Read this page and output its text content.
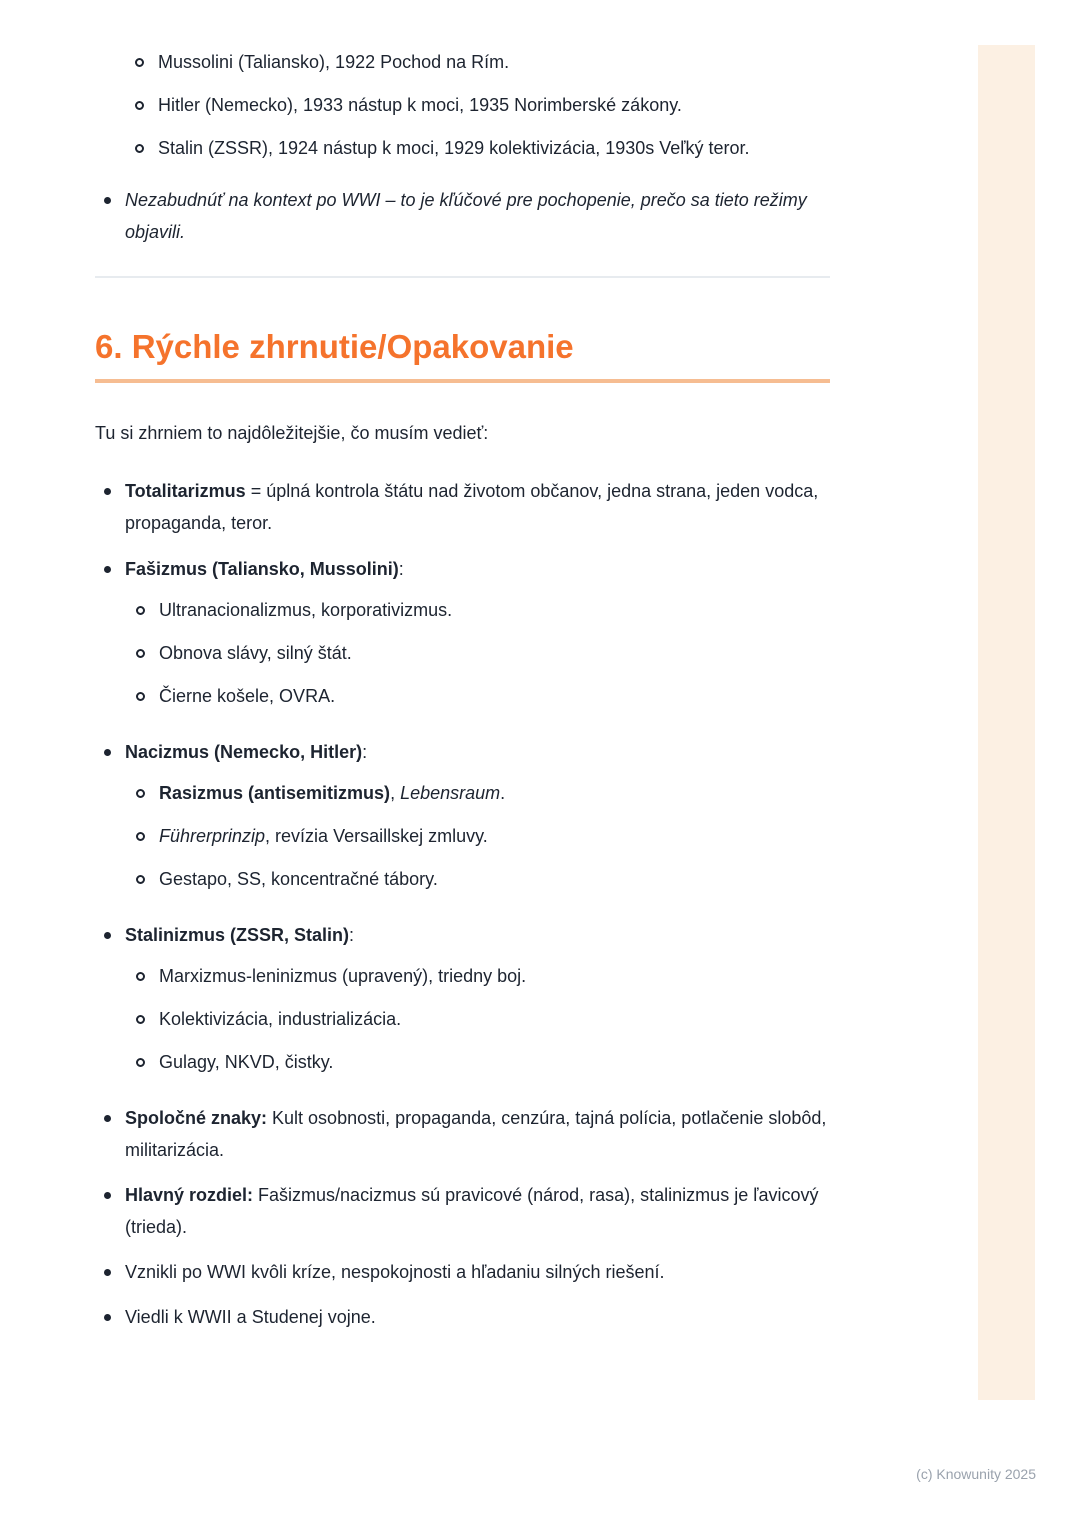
Mussolini (Taliansko), 1922 Pochod na Rím.
Hitler (Nemecko), 1933 nástup k moci, 1935 Norimberské zákony.
Stalin (ZSSR), 1924 nástup k moci, 1929 kolektivizácia, 1930s Veľký teror.
Nezabudnúť na kontext po WWI – to je kľúčové pre pochopenie, prečo sa tieto režimy objavili.
6. Rýchle zhrnutie/Opakovanie

Tu si zhrniem to najdôležitejšie, čo musím vedieť:

Totalitarizmus = úplná kontrola štátu nad životom občanov, jedna strana, jeden vodca, propaganda, teror.
Fašizmus (Taliansko, Mussolini):
Ultranacionalizmus, korporativizmus.
Obnova slávy, silný štát.
Čierne košele, OVRA.
Nacizmus (Nemecko, Hitler):
Rasizmus (antisemitizmus), Lebensraum.
Führerprinzip, revízia Versaillskej zmluvy.
Gestapo, SS, koncentračné tábory.
Stalinizmus (ZSSR, Stalin):
Marxizmus-leninizmus (upravený), triedny boj.
Kolektivizácia, industrializácia.
Gulagy, NKVD, čistky.
Spoločné znaky: Kult osobnosti, propaganda, cenzúra, tajná polícia, potlačenie slobôd, militarizácia.
Hlavný rozdiel: Fašizmus/nacizmus sú pravicové (národ, rasa), stalinizmus je ľavicový (trieda).
Vznikli po WWI kvôli kríze, nespokojnosti a hľadaniu silných riešení.
Viedli k WWII a Studenej vojne.
(c) Knowunity 2025
